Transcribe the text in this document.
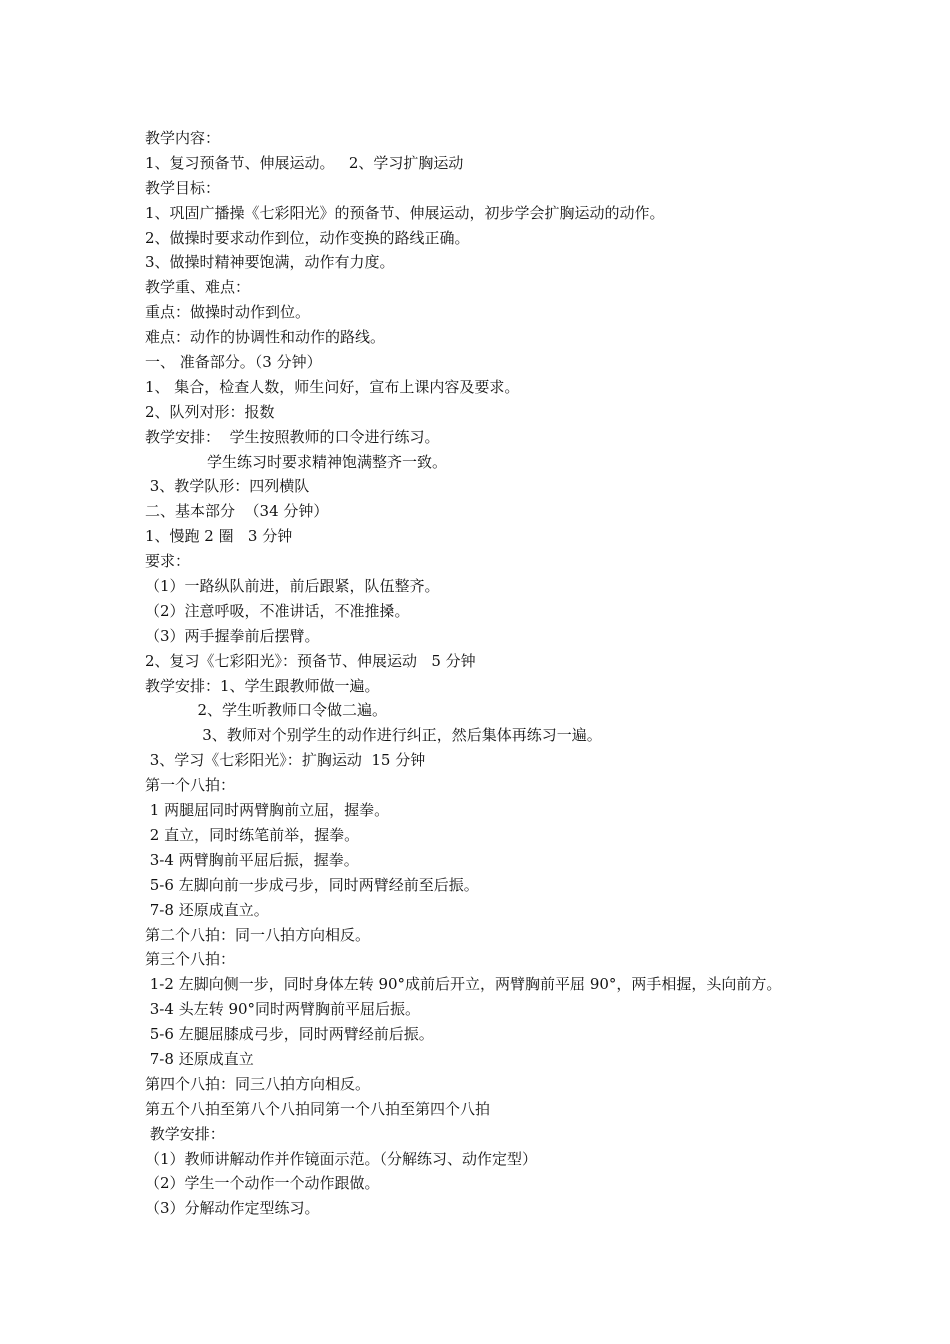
教学内容：
1、复习预备节、伸展运动。   2、学习扩胸运动
教学目标：
1、巩固广播操《七彩阳光》的预备节、伸展运动，初步学会扩胸运动的动作。
2、做操时要求动作到位，动作变换的路线正确。
3、做操时精神要饱满，动作有力度。
教学重、难点：
重点：做操时动作到位。
难点：动作的协调性和动作的路线。
一、 准备部分。（3 分钟）
1、 集合，检查人数，师生问好，宣布上课内容及要求。
2、队列对形：报数
教学安排：  学生按照教师的口令进行练习。
学生练习时要求精神饱满整齐一致。
3、教学队形：四列横队
二、基本部分  （34 分钟）
1、慢跑 2 圈   3 分钟
要求：
（1）一路纵队前进，前后跟紧，队伍整齐。
（2）注意呼吸，不准讲话，不准推搡。
（3）两手握拳前后摆臂。
2、复习《七彩阳光》：预备节、伸展运动   5 分钟
教学安排：1、学生跟教师做一遍。
2、学生听教师口令做二遍。
3、教师对个别学生的动作进行纠正，然后集体再练习一遍。
3、学习《七彩阳光》：扩胸运动  15 分钟
第一个八拍：
1 两腿屈同时两臂胸前立屈，握拳。
2 直立，同时练笔前举，握拳。
3-4 两臂胸前平屈后振，握拳。
5-6 左脚向前一步成弓步，同时两臂经前至后振。
7-8 还原成直立。
第二个八拍：同一八拍方向相反。
第三个八拍：
1-2 左脚向侧一步，同时身体左转 90°成前后开立，两臂胸前平屈 90°，两手相握，头向前方。
3-4 头左转 90°同时两臂胸前平屈后振。
5-6 左腿屈膝成弓步，同时两臂经前后振。
7-8 还原成直立
第四个八拍：同三八拍方向相反。
第五个八拍至第八个八拍同第一个八拍至第四个八拍
教学安排：
（1）教师讲解动作并作镜面示范。（分解练习、动作定型）
（2）学生一个动作一个动作跟做。
（3）分解动作定型练习。
